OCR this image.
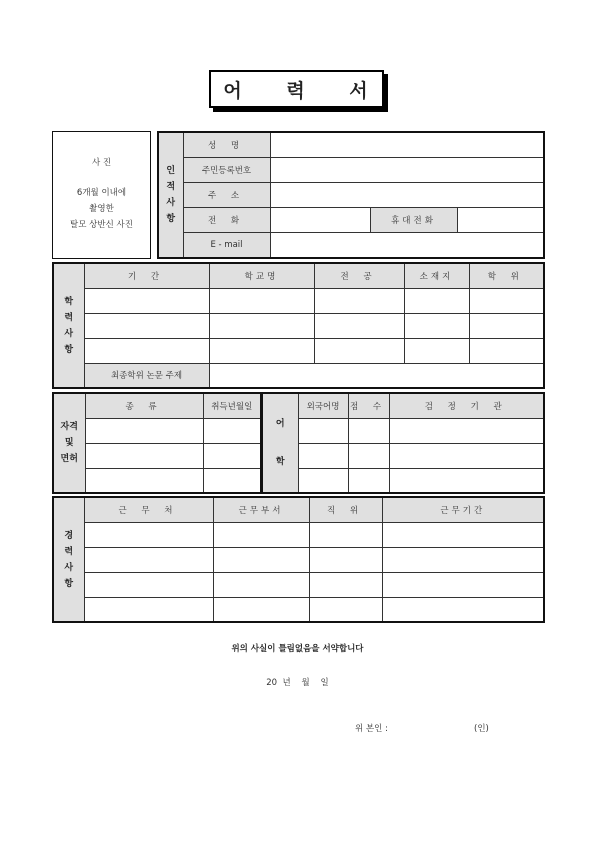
어 력 서
사 진
6개월 이내에
촬영한
탈모 상반신 사진
인
적
사
항	성 명			
	주민등록번호			
	주 소			
	전 화		휴대전화	
	E - mail			
학
력
사
항	기 간	학교명	전 공	소재지	학 위

	최종학위 논문 주제				
자격
및
면허	종 류	취득년월일

어
학	외국어명	점 수	검 정 기 관

경
력
사
항	근 무 처	근무부서	직 위	근무기간

위의 사실이 틀림없음을 서약합니다
20  년    월    일
위 본인 :	(인)
